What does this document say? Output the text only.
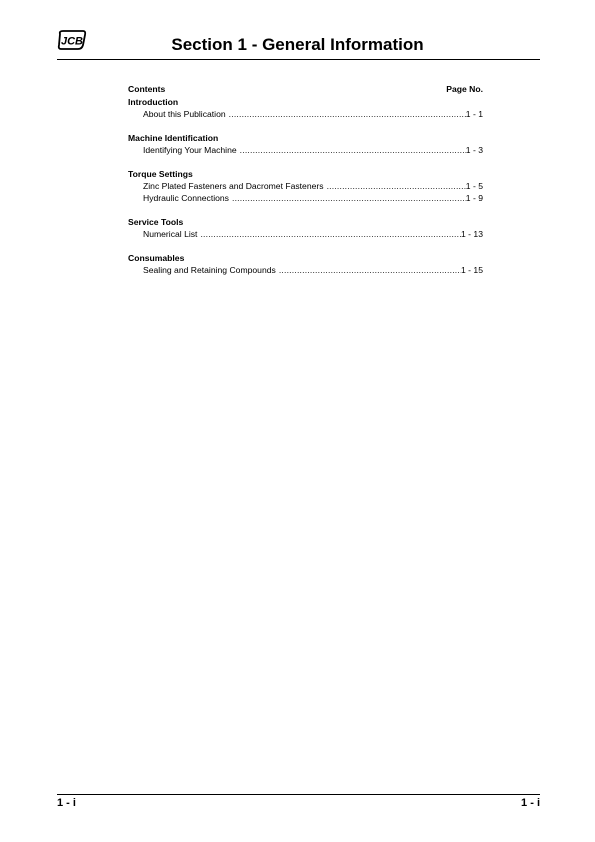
JCB	Section 1 - General Information
Contents	Page No.
Introduction
About this Publication .....	1 - 1
Machine Identification
Identifying Your Machine .....	1 - 3
Torque Settings
Zinc Plated Fasteners and Dacromet Fasteners .....	1 - 5
Hydraulic Connections .....	1 - 9
Service Tools
Numerical List .....	1 - 13
Consumables
Sealing and Retaining Compounds .....	1 - 15
1 - i	1 - i
